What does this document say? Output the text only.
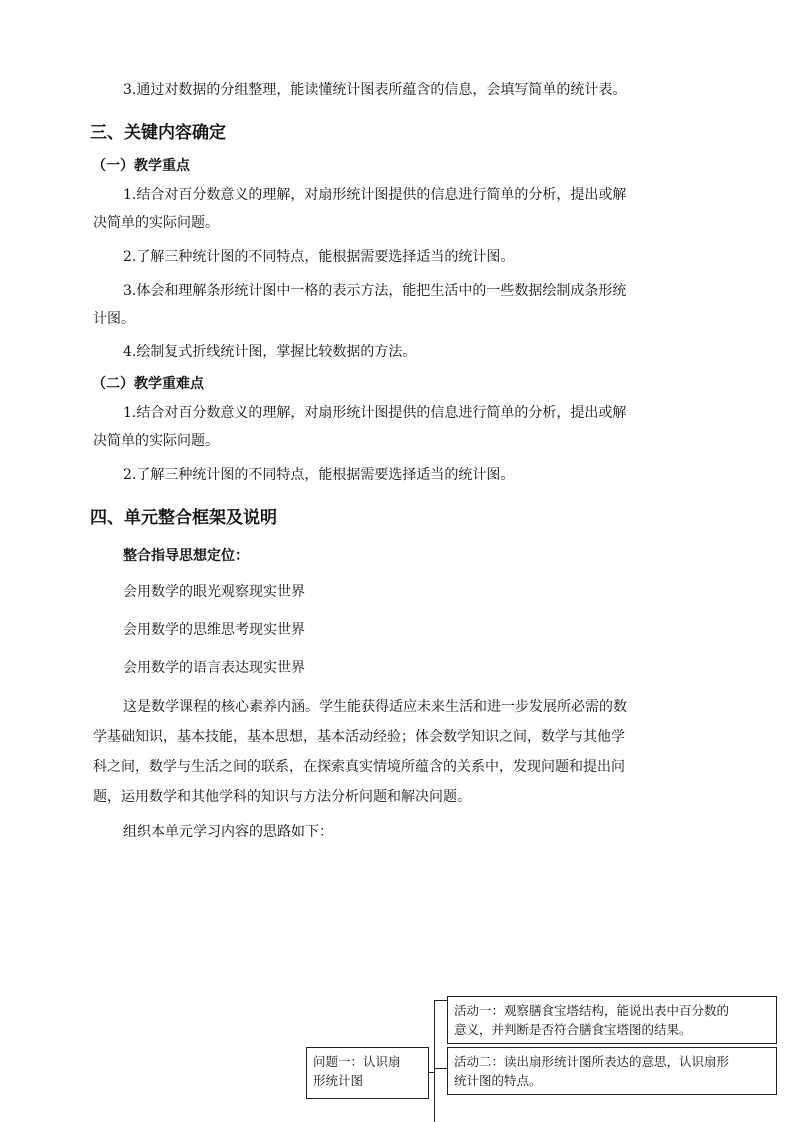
3.通过对数据的分组整理，能读懂统计图表所蕴含的信息，会填写简单的统计表。
三、关键内容确定
（一）教学重点
1.结合对百分数意义的理解，对扇形统计图提供的信息进行简单的分析，提出或解
决简单的实际问题。
2.了解三种统计图的不同特点，能根据需要选择适当的统计图。
3.体会和理解条形统计图中一格的表示方法，能把生活中的一些数据绘制成条形统
计图。
4.绘制复式折线统计图，掌握比较数据的方法。
（二）教学重难点
1.结合对百分数意义的理解，对扇形统计图提供的信息进行简单的分析，提出或解
决简单的实际问题。
2.了解三种统计图的不同特点，能根据需要选择适当的统计图。
四、单元整合框架及说明
整合指导思想定位：
会用数学的眼光观察现实世界
会用数学的思维思考现实世界
会用数学的语言表达现实世界
这是数学课程的核心素养内涵。学生能获得适应未来生活和进一步发展所必需的数
学基础知识，基本技能，基本思想，基本活动经验；体会数学知识之间，数学与其他学
科之间，数学与生活之间的联系，在探索真实情境所蕴含的关系中，发现问题和提出问
题，运用数学和其他学科的知识与方法分析问题和解决问题。
组织本单元学习内容的思路如下：
问题一：认识扇
形统计图
活动一：观察膳食宝塔结构，能说出表中百分数的
意义，并判断是否符合膳食宝塔图的结果。
活动二：读出扇形统计图所表达的意思，认识扇形
统计图的特点。
